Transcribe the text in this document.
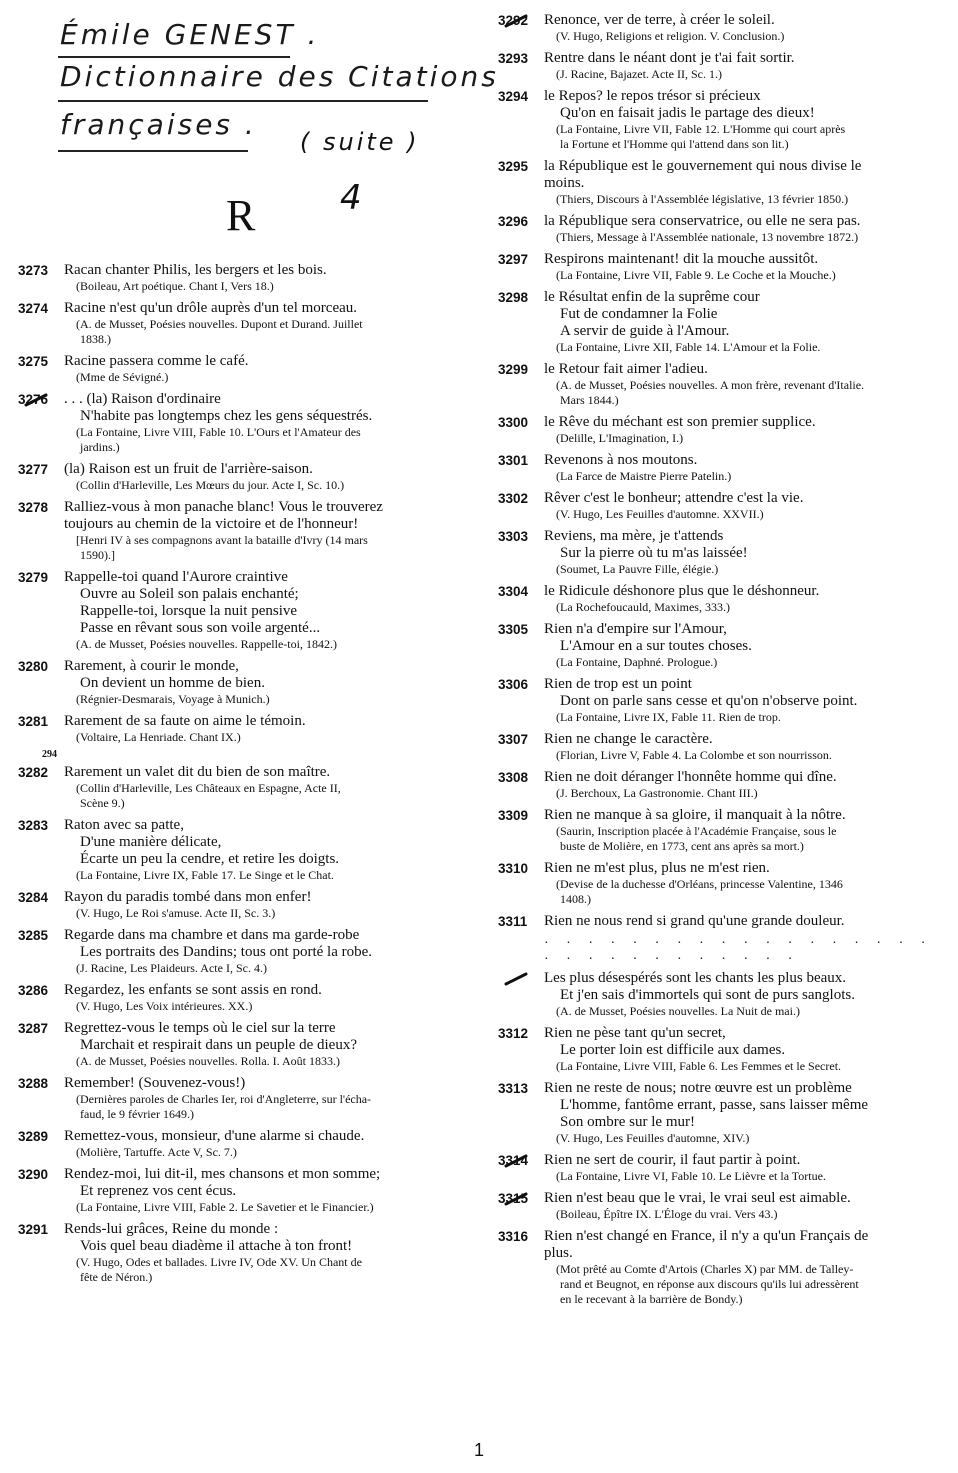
Émile GENEST .
Dictionnaire des Citations
françaises .
( suite )
4
R
3273 Racan chanter Philis, les bergers et les bois.
(Boileau, Art poétique. Chant I, Vers 18.)
3274 Racine n'est qu'un drôle auprès d'un tel morceau.
(A. de Musset, Poésies nouvelles. Dupont et Durand. Juillet
1838.)
3275 Racine passera comme le café.
(Mme de Sévigné.)
3276 . . . (la) Raison d'ordinaire
N'habite pas longtemps chez les gens séquestrés.
(La Fontaine, Livre VIII, Fable 10. L'Ours et l'Amateur des
jardins.)
3277 (la) Raison est un fruit de l'arrière-saison.
(Collin d'Harleville, Les Mœurs du jour. Acte I, Sc. 10.)
3278 Ralliez-vous à mon panache blanc! Vous le trouverez
toujours au chemin de la victoire et de l'honneur!
[Henri IV à ses compagnons avant la bataille d'Ivry (14 mars
1590).]
3279 Rappelle-toi quand l'Aurore craintive
Ouvre au Soleil son palais enchanté;
Rappelle-toi, lorsque la nuit pensive
Passe en rêvant sous son voile argenté...
(A. de Musset, Poésies nouvelles. Rappelle-toi, 1842.)
3280 Rarement, à courir le monde,
On devient un homme de bien.
(Régnier-Desmarais, Voyage à Munich.)
3281 Rarement de sa faute on aime le témoin.
(Voltaire, La Henriade. Chant IX.)
294
3282 Rarement un valet dit du bien de son maître.
(Collin d'Harleville, Les Châteaux en Espagne, Acte II,
Scène 9.)
3283 Raton avec sa patte,
D'une manière délicate,
Écarte un peu la cendre, et retire les doigts.
(La Fontaine, Livre IX, Fable 17. Le Singe et le Chat.
3284 Rayon du paradis tombé dans mon enfer!
(V. Hugo, Le Roi s'amuse. Acte II, Sc. 3.)
3285 Regarde dans ma chambre et dans ma garde-robe
Les portraits des Dandins; tous ont porté la robe.
(J. Racine, Les Plaideurs. Acte I, Sc. 4.)
3286 Regardez, les enfants se sont assis en rond.
(V. Hugo, Les Voix intérieures. XX.)
3287 Regrettez-vous le temps où le ciel sur la terre
Marchait et respirait dans un peuple de dieux?
(A. de Musset, Poésies nouvelles. Rolla. I. Août 1833.)
3288 Remember! (Souvenez-vous!)
(Dernières paroles de Charles Ier, roi d'Angleterre, sur l'écha-
faud, le 9 février 1649.)
3289 Remettez-vous, monsieur, d'une alarme si chaude.
(Molière, Tartuffe. Acte V, Sc. 7.)
3290 Rendez-moi, lui dit-il, mes chansons et mon somme;
Et reprenez vos cent écus.
(La Fontaine, Livre VIII, Fable 2. Le Savetier et le Financier.)
3291 Rends-lui grâces, Reine du monde :
Vois quel beau diadème il attache à ton front!
(V. Hugo, Odes et ballades. Livre IV, Ode XV. Un Chant de
fête de Néron.)
3292 Renonce, ver de terre, à créer le soleil.
(V. Hugo, Religions et religion. V. Conclusion.)
3293 Rentre dans le néant dont je t'ai fait sortir.
(J. Racine, Bajazet. Acte II, Sc. 1.)
3294 le Repos? le repos trésor si précieux
Qu'on en faisait jadis le partage des dieux!
(La Fontaine, Livre VII, Fable 12. L'Homme qui court après
la Fortune et l'Homme qui l'attend dans son lit.)
3295 la République est le gouvernement qui nous divise le
moins.
(Thiers, Discours à l'Assemblée législative, 13 février 1850.)
3296 la République sera conservatrice, ou elle ne sera pas.
(Thiers, Message à l'Assemblée nationale, 13 novembre 1872.)
3297 Respirons maintenant! dit la mouche aussitôt.
(La Fontaine, Livre VII, Fable 9. Le Coche et la Mouche.)
3298 le Résultat enfin de la suprême cour
Fut de condamner la Folie
A servir de guide à l'Amour.
(La Fontaine, Livre XII, Fable 14. L'Amour et la Folie.
3299 le Retour fait aimer l'adieu.
(A. de Musset, Poésies nouvelles. A mon frère, revenant d'Italie.
Mars 1844.)
3300 le Rêve du méchant est son premier supplice.
(Delille, L'Imagination, I.)
3301 Revenons à nos moutons.
(La Farce de Maistre Pierre Patelin.)
3302 Rêver c'est le bonheur; attendre c'est la vie.
(V. Hugo, Les Feuilles d'automne. XXVII.)
3303 Reviens, ma mère, je t'attends
Sur la pierre où tu m'as laissée!
(Soumet, La Pauvre Fille, élégie.)
3304 le Ridicule déshonore plus que le déshonneur.
(La Rochefoucauld, Maximes, 333.)
3305 Rien n'a d'empire sur l'Amour,
L'Amour en a sur toutes choses.
(La Fontaine, Daphné. Prologue.)
3306 Rien de trop est un point
Dont on parle sans cesse et qu'on n'observe point.
(La Fontaine, Livre IX, Fable 11. Rien de trop.
3307 Rien ne change le caractère.
(Florian, Livre V, Fable 4. La Colombe et son nourrisson.
3308 Rien ne doit déranger l'honnête homme qui dîne.
(J. Berchoux, La Gastronomie. Chant III.)
3309 Rien ne manque à sa gloire, il manquait à la nôtre.
(Saurin, Inscription placée à l'Académie Française, sous le
buste de Molière, en 1773, cent ans après sa mort.)
3310 Rien ne m'est plus, plus ne m'est rien.
(Devise de la duchesse d'Orléans, princesse Valentine, 1346
1408.)
3311 Rien ne nous rend si grand qu'une grande douleur.
· · · · · · · · · · · · · · · · · · · · · · · · · · · · · ·
Les plus désespérés sont les chants les plus beaux.
Et j'en sais d'immortels qui sont de purs sanglots.
(A. de Musset, Poésies nouvelles. La Nuit de mai.)
3312 Rien ne pèse tant qu'un secret,
Le porter loin est difficile aux dames.
(La Fontaine, Livre VIII, Fable 6. Les Femmes et le Secret.
3313 Rien ne reste de nous; notre œuvre est un problème
L'homme, fantôme errant, passe, sans laisser même
Son ombre sur le mur!
(V. Hugo, Les Feuilles d'automne, XIV.)
3314 Rien ne sert de courir, il faut partir à point.
(La Fontaine, Livre VI, Fable 10. Le Lièvre et la Tortue.
3315 Rien n'est beau que le vrai, le vrai seul est aimable.
(Boileau, Épître IX. L'Éloge du vrai. Vers 43.)
3316 Rien n'est changé en France, il n'y a qu'un Français de
plus.
(Mot prêté au Comte d'Artois (Charles X) par MM. de Talley-
rand et Beugnot, en réponse aux discours qu'ils lui adressèrent
en le recevant à la barrière de Bondy.)
1
